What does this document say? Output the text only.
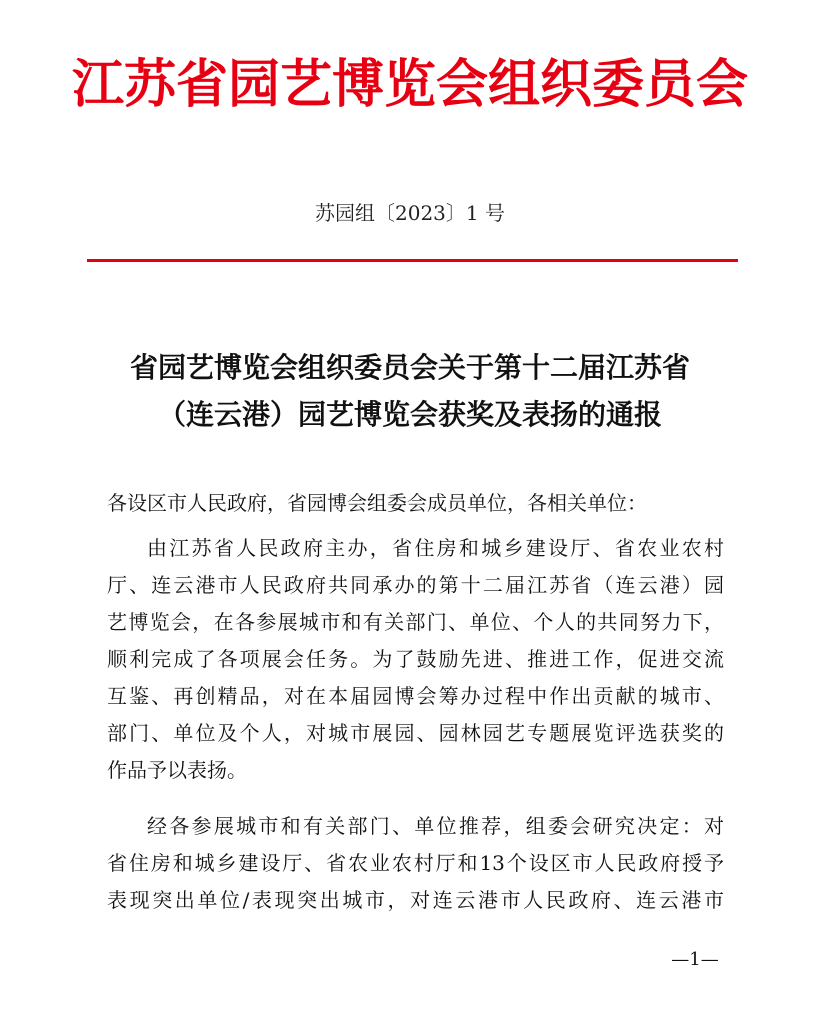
江苏省园艺博览会组织委员会
苏园组〔2023〕1 号
省园艺博览会组织委员会关于第十二届江苏省
（连云港）园艺博览会获奖及表扬的通报
各设区市人民政府，省园博会组委会成员单位，各相关单位：
由江苏省人民政府主办，省住房和城乡建设厅、省农业农村
厅、连云港市人民政府共同承办的第十二届江苏省（连云港）园
艺博览会，在各参展城市和有关部门、单位、个人的共同努力下，
顺利完成了各项展会任务。为了鼓励先进、推进工作，促进交流
互鉴、再创精品，对在本届园博会筹办过程中作出贡献的城市、
部门、单位及个人，对城市展园、园林园艺专题展览评选获奖的
作品予以表扬。
经各参展城市和有关部门、单位推荐，组委会研究决定：对
省住房和城乡建设厅、省农业农村厅和13个设区市人民政府授予
表现突出单位/表现突出城市，对连云港市人民政府、连云港市
—1—
